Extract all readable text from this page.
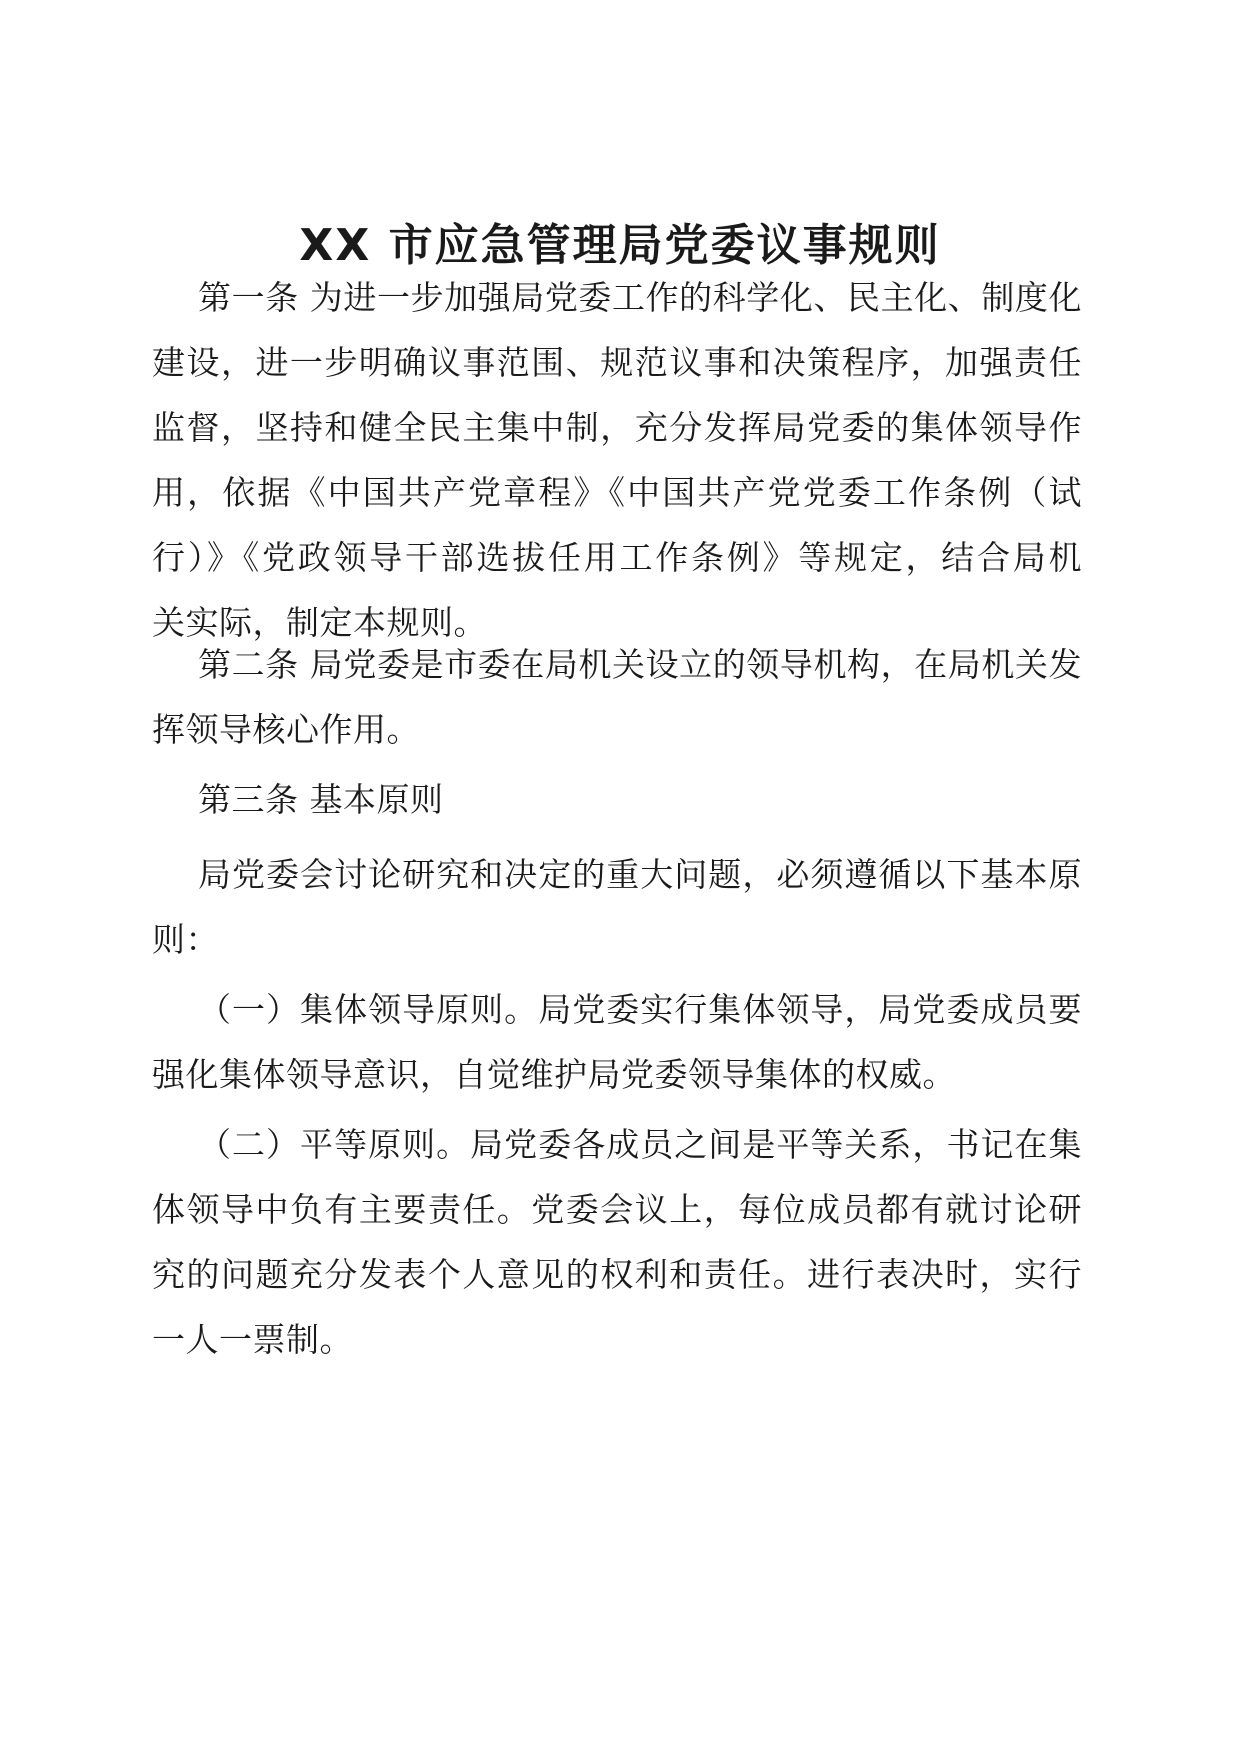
XX 市应急管理局党委议事规则
第一条 为进一步加强局党委工作的科学化、民主化、制度化
建设，进一步明确议事范围、规范议事和决策程序，加强责任
监督，坚持和健全民主集中制，充分发挥局党委的集体领导作
用，依据《中国共产党章程》《中国共产党党委工作条例（试
行）》《党政领导干部选拔任用工作条例》等规定，结合局机
关实际，制定本规则。
第二条 局党委是市委在局机关设立的领导机构，在局机关发
挥领导核心作用。
第三条 基本原则
局党委会讨论研究和决定的重大问题，必须遵循以下基本原
则：
（一）集体领导原则。局党委实行集体领导，局党委成员要
强化集体领导意识，自觉维护局党委领导集体的权威。
（二）平等原则。局党委各成员之间是平等关系，书记在集
体领导中负有主要责任。党委会议上，每位成员都有就讨论研
究的问题充分发表个人意见的权利和责任。进行表决时，实行
一人一票制。
